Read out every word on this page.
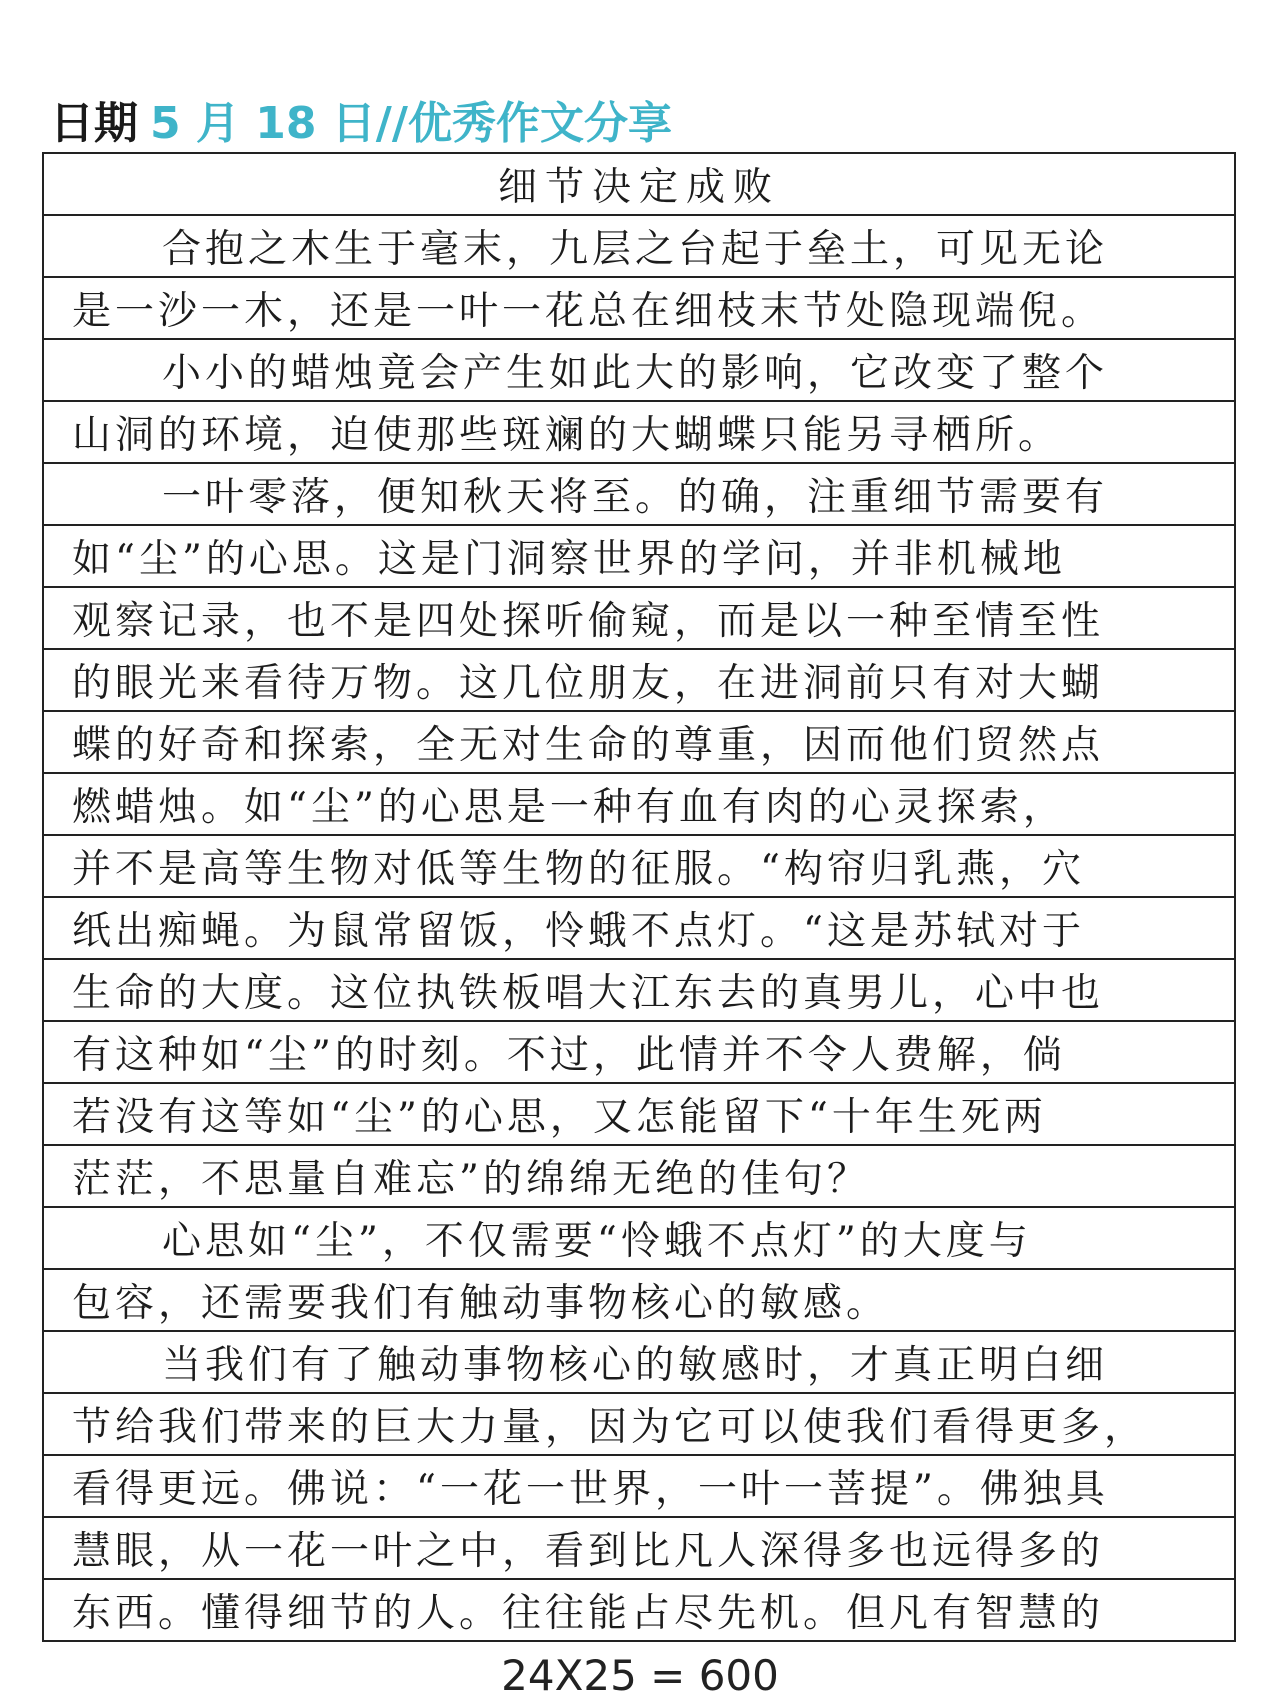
日期 5 月 18 日//优秀作文分享
细节决定成败
合抱之木生于毫末，九层之台起于垒土，可见无论
是一沙一木，还是一叶一花总在细枝末节处隐现端倪。
小小的蜡烛竟会产生如此大的影响，它改变了整个
山洞的环境，迫使那些斑斓的大蝴蝶只能另寻栖所。
一叶零落，便知秋天将至。的确，注重细节需要有
如“尘”的心思。这是门洞察世界的学问，并非机械地
观察记录，也不是四处探听偷窥，而是以一种至情至性
的眼光来看待万物。这几位朋友，在进洞前只有对大蝴
蝶的好奇和探索，全无对生命的尊重，因而他们贸然点
燃蜡烛。如“尘”的心思是一种有血有肉的心灵探索，
并不是高等生物对低等生物的征服。“构帘归乳燕，穴
纸出痴蝇。为鼠常留饭，怜蛾不点灯。“这是苏轼对于
生命的大度。这位执铁板唱大江东去的真男儿，心中也
有这种如“尘”的时刻。不过，此情并不令人费解，倘
若没有这等如“尘”的心思，又怎能留下“十年生死两
茫茫，不思量自难忘”的绵绵无绝的佳句？
心思如“尘”，不仅需要“怜蛾不点灯”的大度与
包容，还需要我们有触动事物核心的敏感。
当我们有了触动事物核心的敏感时，才真正明白细
节给我们带来的巨大力量，因为它可以使我们看得更多，
看得更远。佛说：“一花一世界，一叶一菩提”。佛独具
慧眼，从一花一叶之中，看到比凡人深得多也远得多的
东西。懂得细节的人。往往能占尽先机。但凡有智慧的
24X25 = 600
